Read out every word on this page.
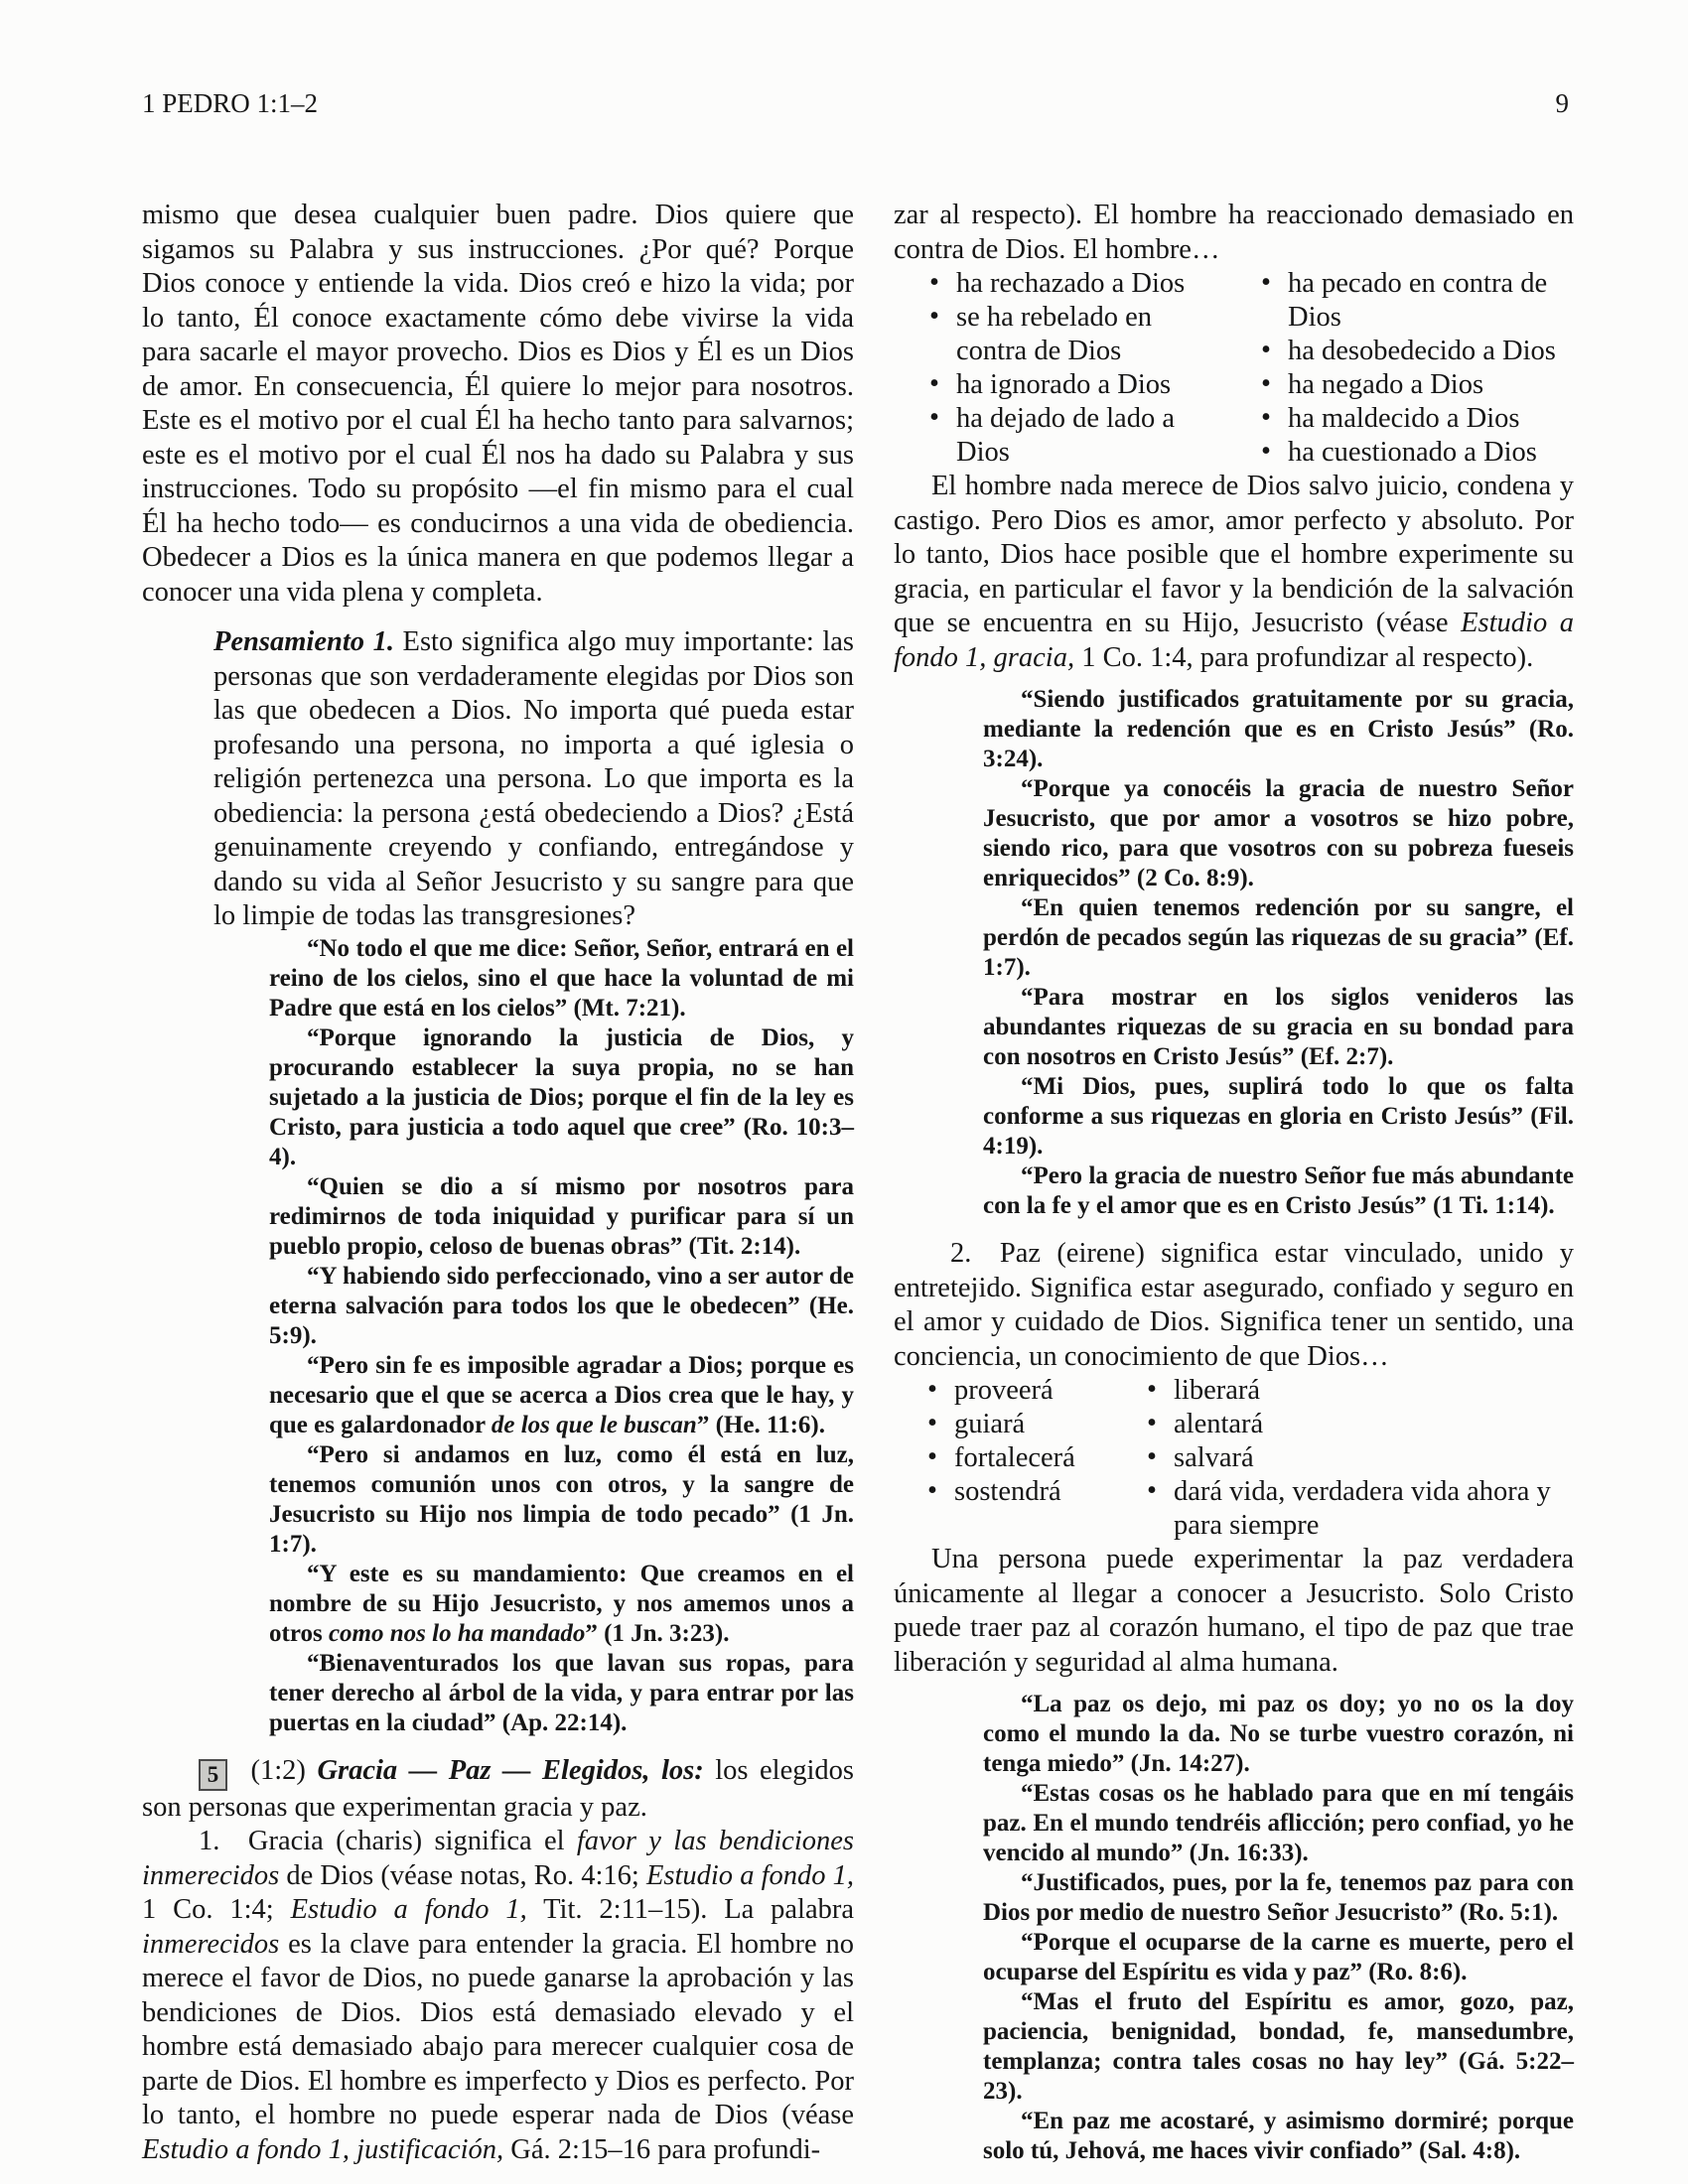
1 PEDRO 1:1–2	9

mismo que desea cualquier buen padre. Dios quiere que sigamos su Palabra y sus instrucciones. ¿Por qué? Porque Dios conoce y entiende la vida. Dios creó e hizo la vida; por lo tanto, Él conoce exactamente cómo debe vivirse la vida para sacarle el mayor provecho. Dios es Dios y Él es un Dios de amor. En consecuencia, Él quiere lo mejor para nosotros. Este es el motivo por el cual Él ha hecho tanto para salvarnos; este es el motivo por el cual Él nos ha dado su Palabra y sus instrucciones. Todo su propósito —el fin mismo para el cual Él ha hecho todo— es conducirnos a una vida de obediencia. Obedecer a Dios es la única manera en que podemos llegar a conocer una vida plena y completa.

Pensamiento 1. Esto significa algo muy importante: las personas que son verdaderamente elegidas por Dios son las que obedecen a Dios. No importa qué pueda estar profesando una persona, no importa a qué iglesia o religión pertenezca una persona. Lo que importa es la obediencia: la persona ¿está obedeciendo a Dios? ¿Está genuinamente creyendo y confiando, entregándose y dando su vida al Señor Jesucristo y su sangre para que lo limpie de todas las transgresiones?

“No todo el que me dice: Señor, Señor, entrará en el reino de los cielos, sino el que hace la voluntad de mi Padre que está en los cielos” (Mt. 7:21).

“Porque ignorando la justicia de Dios, y procurando establecer la suya propia, no se han sujetado a la justicia de Dios; porque el fin de la ley es Cristo, para justicia a todo aquel que cree” (Ro. 10:3–4).

“Quien se dio a sí mismo por nosotros para redimirnos de toda iniquidad y purificar para sí un pueblo propio, celoso de buenas obras” (Tit. 2:14).

“Y habiendo sido perfeccionado, vino a ser autor de eterna salvación para todos los que le obedecen” (He. 5:9).

“Pero sin fe es imposible agradar a Dios; porque es necesario que el que se acerca a Dios crea que le hay, y que es galardonador de los que le buscan” (He. 11:6).

“Pero si andamos en luz, como él está en luz, tenemos comunión unos con otros, y la sangre de Jesucristo su Hijo nos limpia de todo pecado” (1 Jn. 1:7).

“Y este es su mandamiento: Que creamos en el nombre de su Hijo Jesucristo, y nos amemos unos a otros como nos lo ha mandado” (1 Jn. 3:23).

“Bienaventurados los que lavan sus ropas, para tener derecho al árbol de la vida, y para entrar por las puertas en la ciudad” (Ap. 22:14).

5 (1:2) Gracia — Paz — Elegidos, los: los elegidos son personas que experimentan gracia y paz.

1.  Gracia (charis) significa el favor y las bendiciones inmerecidos de Dios (véase notas, Ro. 4:16; Estudio a fondo 1, 1 Co. 1:4; Estudio a fondo 1, Tit. 2:11–15). La palabra inmerecidos es la clave para entender la gracia. El hombre no merece el favor de Dios, no puede ganarse la aprobación y las bendiciones de Dios. Dios está demasiado elevado y el hombre está demasiado abajo para merecer cualquier cosa de parte de Dios. El hombre es imperfecto y Dios es perfecto. Por lo tanto, el hombre no puede esperar nada de Dios (véase Estudio a fondo 1, justificación, Gá. 2:15–16 para profundi-

zar al respecto). El hombre ha reaccionado demasiado en contra de Dios. El hombre…

• ha rechazado a Dios
• se ha rebelado en contra de Dios
• ha ignorado a Dios
• ha dejado de lado a Dios
• ha pecado en contra de Dios
• ha desobedecido a Dios
• ha negado a Dios
• ha maldecido a Dios
• ha cuestionado a Dios

El hombre nada merece de Dios salvo juicio, condena y castigo. Pero Dios es amor, amor perfecto y absoluto. Por lo tanto, Dios hace posible que el hombre experimente su gracia, en particular el favor y la bendición de la salvación que se encuentra en su Hijo, Jesucristo (véase Estudio a fondo 1, gracia, 1 Co. 1:4, para profundizar al respecto).

“Siendo justificados gratuitamente por su gracia, mediante la redención que es en Cristo Jesús” (Ro. 3:24).

“Porque ya conocéis la gracia de nuestro Señor Jesucristo, que por amor a vosotros se hizo pobre, siendo rico, para que vosotros con su pobreza fueseis enriquecidos” (2 Co. 8:9).

“En quien tenemos redención por su sangre, el perdón de pecados según las riquezas de su gracia” (Ef. 1:7).

“Para mostrar en los siglos venideros las abundantes riquezas de su gracia en su bondad para con nosotros en Cristo Jesús” (Ef. 2:7).

“Mi Dios, pues, suplirá todo lo que os falta conforme a sus riquezas en gloria en Cristo Jesús” (Fil. 4:19).

“Pero la gracia de nuestro Señor fue más abundante con la fe y el amor que es en Cristo Jesús” (1 Ti. 1:14).

2.  Paz (eirene) significa estar vinculado, unido y entretejido. Significa estar asegurado, confiado y seguro en el amor y cuidado de Dios. Significa tener un sentido, una conciencia, un conocimiento de que Dios…

• proveerá
• guiará
• fortalecerá
• sostendrá
• liberará
• alentará
• salvará
• dará vida, verdadera vida ahora y para siempre

Una persona puede experimentar la paz verdadera únicamente al llegar a conocer a Jesucristo. Solo Cristo puede traer paz al corazón humano, el tipo de paz que trae liberación y seguridad al alma humana.

“La paz os dejo, mi paz os doy; yo no os la doy como el mundo la da. No se turbe vuestro corazón, ni tenga miedo” (Jn. 14:27).

“Estas cosas os he hablado para que en mí tengáis paz. En el mundo tendréis aflicción; pero confiad, yo he vencido al mundo” (Jn. 16:33).

“Justificados, pues, por la fe, tenemos paz para con Dios por medio de nuestro Señor Jesucristo” (Ro. 5:1).

“Porque el ocuparse de la carne es muerte, pero el ocuparse del Espíritu es vida y paz” (Ro. 8:6).

“Mas el fruto del Espíritu es amor, gozo, paz, paciencia, benignidad, bondad, fe, mansedumbre, templanza; contra tales cosas no hay ley” (Gá. 5:22–23).

“En paz me acostaré, y asimismo dormiré; porque solo tú, Jehová, me haces vivir confiado” (Sal. 4:8).
